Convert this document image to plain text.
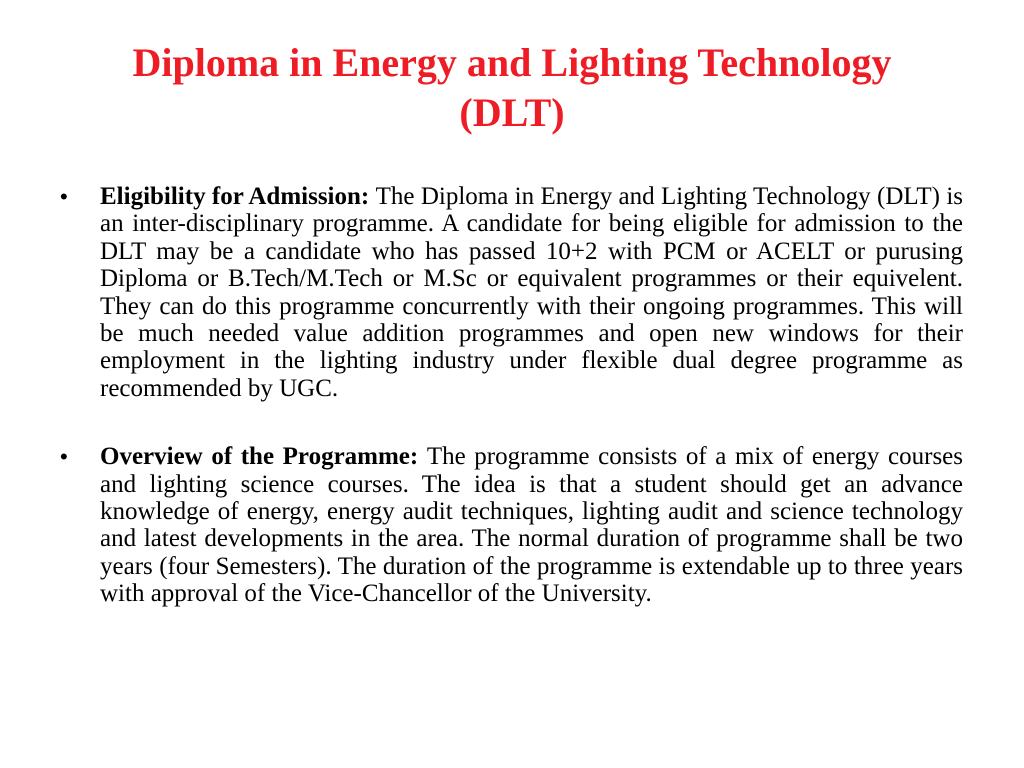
Diploma in Energy and Lighting Technology
(DLT)
• Eligibility for Admission: The Diploma in Energy and Lighting Technology (DLT) is an inter-disciplinary programme. A candidate for being eligible for admission to the DLT may be a candidate who has passed 10+2 with PCM or ACELT or purusing Diploma or B.Tech/M.Tech or M.Sc or equivalent programmes or their equivelent. They can do this programme concurrently with their ongoing programmes. This will be much needed value addition programmes and open new windows for their employment in the lighting industry under flexible dual degree programme as recommended by UGC.
• Overview of the Programme: The programme consists of a mix of energy courses and lighting science courses. The idea is that a student should get an advance knowledge of energy, energy audit techniques, lighting audit and science technology and latest developments in the area. The normal duration of programme shall be two years (four Semesters). The duration of the programme is extendable up to three years with approval of the Vice-Chancellor of the University.
